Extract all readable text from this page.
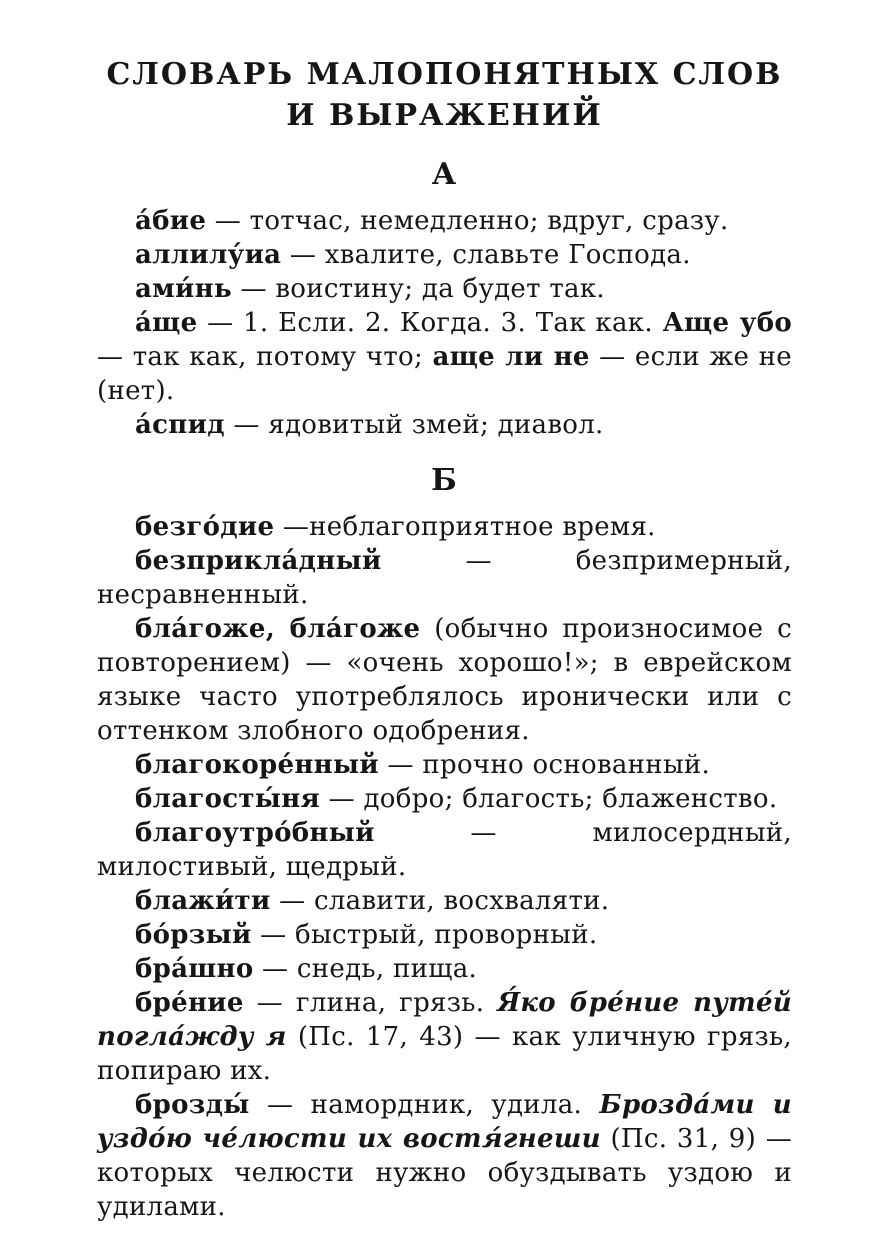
СЛОВАРЬ МАЛОПОНЯТНЫХ СЛОВ
И ВЫРАЖЕНИЙ
А

а́бие — тотчас, немедленно; вдруг, сразу.

аллилу́иа — хвалите, славьте Господа.

ами́нь — воистину; да будет так.

а́ще — 1. Если. 2. Когда. 3. Так как. Аще убо — так как, потому что; аще ли не — если же не (нет).

а́спид — ядовитый змей; диавол.

Б

безго́дие —неблагоприятное время.

безприкла́дный — безпримерный, несравненный.

бла́гоже, бла́гоже (обычно произносимое с повторением) — «очень хорошо!»; в еврейском языке часто употреблялось иронически или с оттенком злобного одобрения.

благокоре́нный — прочно основанный.

благосты́ня — добро; благость; блаженство.

благоутро́бный — милосердный, милостивый, щедрый.

блажи́ти — славити, восхваляти.

бо́рзый — быстрый, проворный.

бра́шно — снедь, пища.

бре́ние — глина, грязь. Я́ко бре́ние путе́й погла́жду я (Пс. 17, 43) — как уличную грязь, попираю их.

брозды́ — намордник, удила. Брозда́ми и уздо́ю че́люсти их востя́гнеши (Пс. 31, 9) — которых челюсти нужно обуздывать уздою и удилами.
